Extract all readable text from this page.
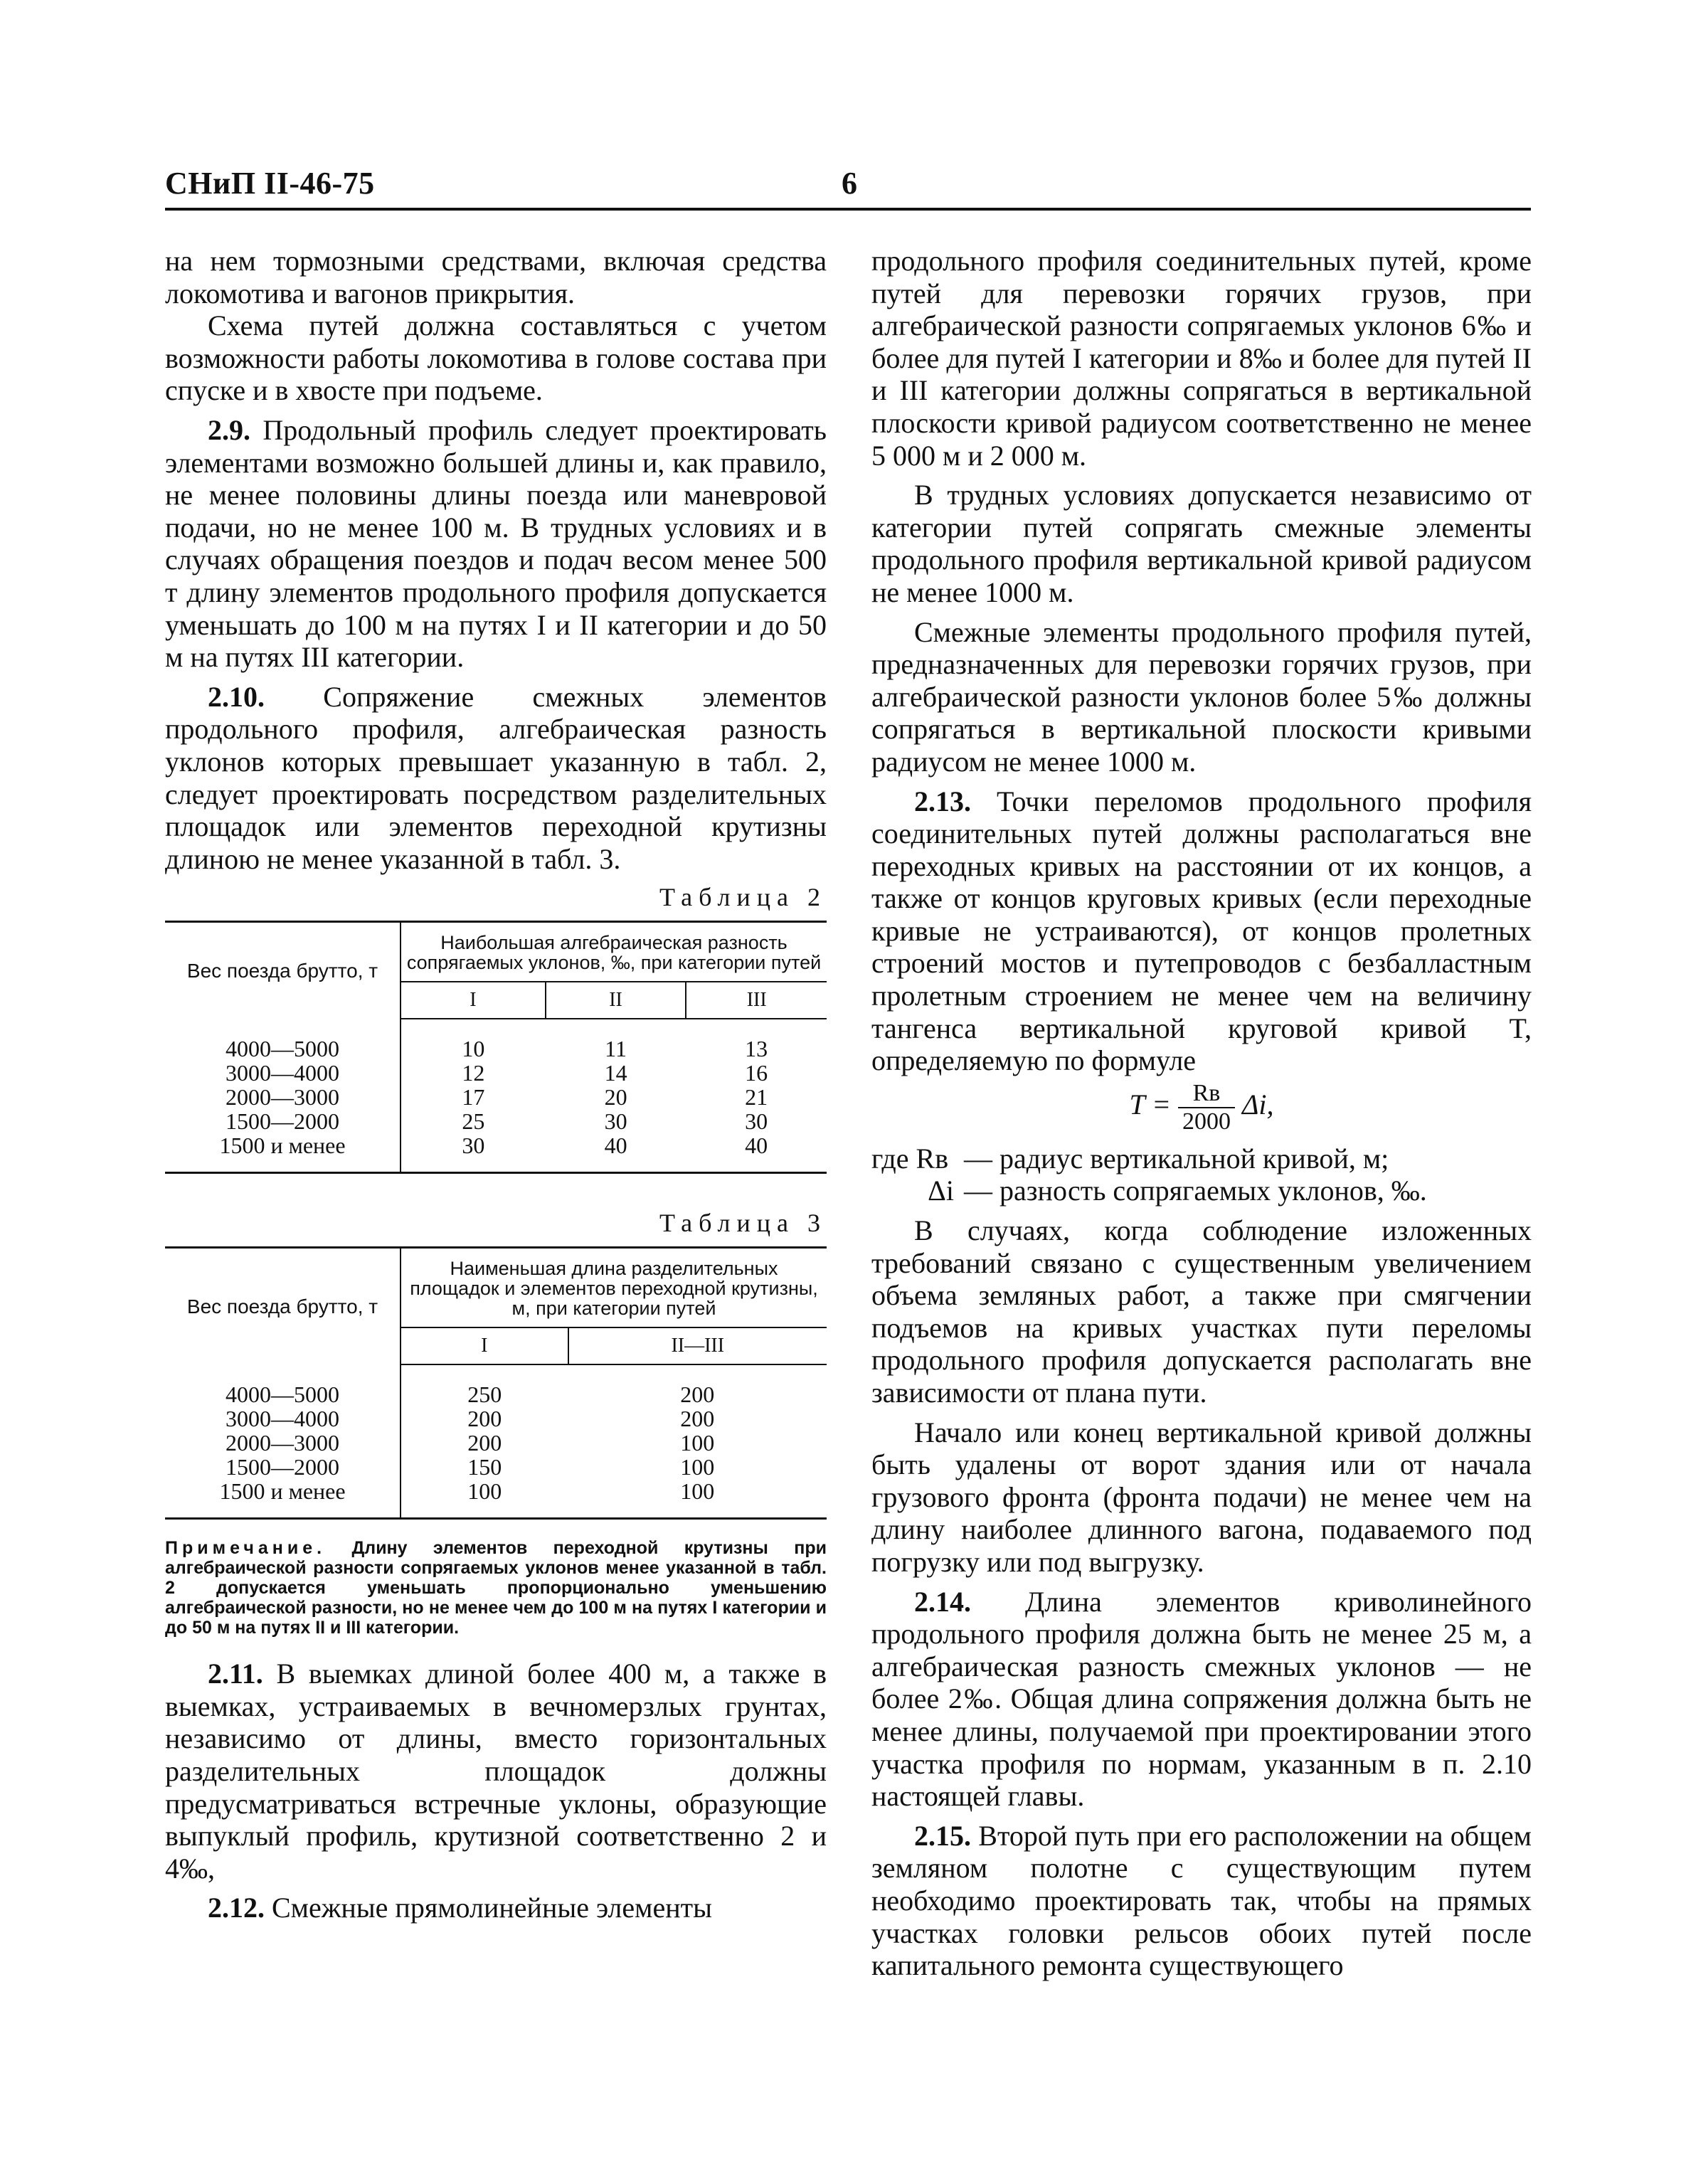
СНиП II-46-75	6

на нем тормозными средствами, включая средства локомотива и вагонов прикрытия.

Схема путей должна составляться с учетом возможности работы локомотива в голове состава при спуске и в хвосте при подъеме.

2.9. Продольный профиль следует проектировать элементами возможно большей длины и, как правило, не менее половины длины поезда или маневровой подачи, но не менее 100 м. В трудных условиях и в случаях обращения поездов и подач весом менее 500 т длину элементов продольного профиля допускается уменьшать до 100 м на путях I и II категории и до 50 м на путях III категории.

2.10. Сопряжение смежных элементов продольного профиля, алгебраическая разность уклонов которых превышает указанную в табл. 2, следует проектировать посредством разделительных площадок или элементов переходной крутизны длиною не менее указанной в табл. 3.

Таблица 2
Вес поезда брутто, т	Наибольшая алгебраическая разность сопрягаемых уклонов, ‰, при категории путей		
	I	II	III
4000—5000	10	11	13
3000—4000	12	14	16
2000—3000	17	20	21
1500—2000	25	30	30
1500 и менее	30	40	40

Таблица 3
Вес поезда брутто, т	Наименьшая длина разделительных площадок и элементов переходной крутизны, м, при категории путей	
	I	II—III
4000—5000	250	200
3000—4000	200	200
2000—3000	200	100
1500—2000	150	100
1500 и менее	100	100

Примечание. Длину элементов переходной крутизны при алгебраической разности сопрягаемых уклонов менее указанной в табл. 2 допускается уменьшать пропорционально уменьшению алгебраической разности, но не менее чем до 100 м на путях I категории и до 50 м на путях II и III категории.

2.11. В выемках длиной более 400 м, а также в выемках, устраиваемых в вечномерзлых грунтах, независимо от длины, вместо горизонтальных разделительных площадок должны предусматриваться встречные уклоны, образующие выпуклый профиль, крутизной соответственно 2 и 4‰,

2.12. Смежные прямолинейные элементы

продольного профиля соединительных путей, кроме путей для перевозки горячих грузов, при алгебраической разности сопрягаемых уклонов 6‰ и более для путей I категории и 8‰ и более для путей II и III категории должны сопрягаться в вертикальной плоскости кривой радиусом соответственно не менее 5 000 м и 2 000 м.

В трудных условиях допускается независимо от категории путей сопрягать смежные элементы продольного профиля вертикальной кривой радиусом не менее 1000 м.

Смежные элементы продольного профиля путей, предназначенных для перевозки горячих грузов, при алгебраической разности уклонов более 5‰ должны сопрягаться в вертикальной плоскости кривыми радиусом не менее 1000 м.

2.13. Точки переломов продольного профиля соединительных путей должны располагаться вне переходных кривых на расстоянии от их концов, а также от концов круговых кривых (если переходные кривые не устраиваются), от концов пролетных строений мостов и путепроводов с безбалластным пролетным строением не менее чем на величину тангенса вертикальной круговой кривой T, определяемую по формуле

$T = \frac{Rв}{2000} \Delta i$,
где Rв — радиус вертикальной кривой, м;
Δi — разность сопрягаемых уклонов, ‰.

В случаях, когда соблюдение изложенных требований связано с существенным увеличением объема земляных работ, а также при смягчении подъемов на кривых участках пути переломы продольного профиля допускается располагать вне зависимости от плана пути.

Начало или конец вертикальной кривой должны быть удалены от ворот здания или от начала грузового фронта (фронта подачи) не менее чем на длину наиболее длинного вагона, подаваемого под погрузку или под выгрузку.

2.14. Длина элементов криволинейного продольного профиля должна быть не менее 25 м, а алгебраическая разность смежных уклонов — не более 2‰. Общая длина сопряжения должна быть не менее длины, получаемой при проектировании этого участка профиля по нормам, указанным в п. 2.10 настоящей главы.

2.15. Второй путь при его расположении на общем земляном полотне с существующим путем необходимо проектировать так, чтобы на прямых участках головки рельсов обоих путей после капитального ремонта существующего
